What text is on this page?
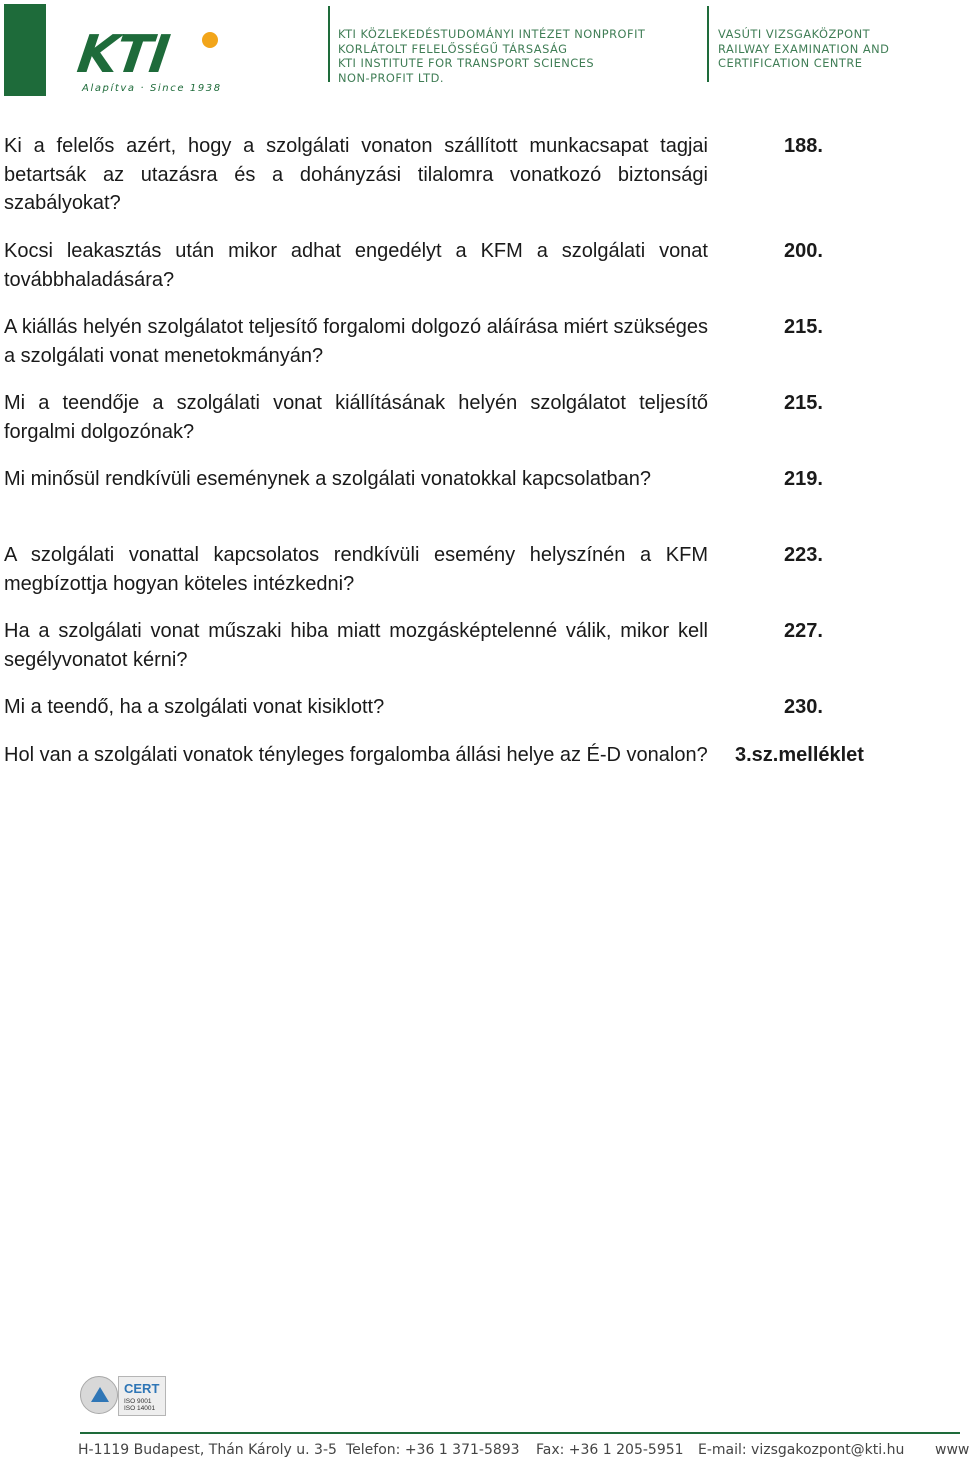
KTI
Alapítva · Since 1938
KTI KÖZLEKEDÉSTUDOMÁNYI INTÉZET NONPROFIT
KORLÁTOLT FELELŐSSÉGŰ TÁRSASÁG
KTI INSTITUTE FOR TRANSPORT SCIENCES
NON-PROFIT LTD.
VASÚTI VIZSGAKÖZPONT
RAILWAY EXAMINATION AND
CERTIFICATION CENTRE
Ki a felelős azért, hogy a szolgálati vonaton szállított munkacsapat tagjai betartsák az utazásra és a dohányzási tilalomra vonatkozó biztonsági szabályokat?
188.
Kocsi leakasztás után mikor adhat engedélyt a KFM a szolgálati vonat továbbhaladására?
200.
A kiállás helyén szolgálatot teljesítő forgalomi dolgozó aláírása miért szükséges a szolgálati vonat menetokmányán?
215.
Mi a teendője a szolgálati vonat kiállításának helyén szolgálatot teljesítő forgalmi dolgozónak?
215.
Mi minősül rendkívüli eseménynek a szolgálati vonatokkal kapcsolatban?	219.
A szolgálati vonattal kapcsolatos rendkívüli esemény helyszínén a KFM megbízottja hogyan köteles intézkedni?
223.
Ha a szolgálati vonat műszaki hiba miatt mozgásképtelenné válik, mikor kell segélyvonatot kérni?
227.
Mi a teendő, ha a szolgálati vonat kisiklott?	230.
Hol van a szolgálati vonatok tényleges forgalomba állási helye az É-D vonalon? 3.sz.melléklet
CERT
ISO 9001
ISO 14001
H-1119 Budapest, Thán Károly u. 3-5 Telefon: +36 1 371-5893 Fax: +36 1 205-5951 E-mail: vizsgakozpont@kti.hu www
